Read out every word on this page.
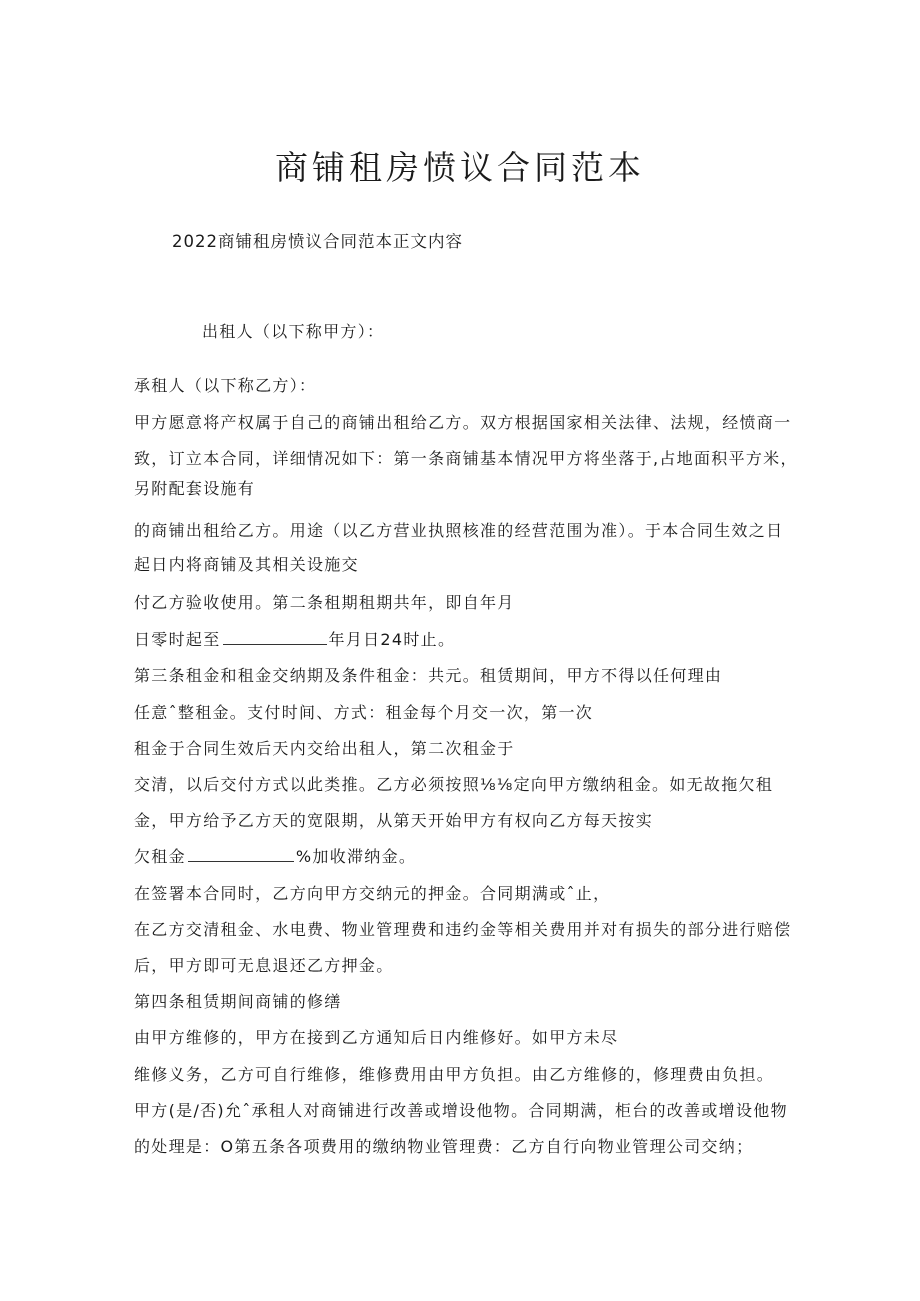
商铺租房愤议合同范本
2022商铺租房愤议合同范本正文内容
出租人（以下称甲方）：
承租人（以下称乙方）：
甲方愿意将产权属于自己的商铺出租给乙方。双方根据国家相关法律、法规，经愤商一
致，订立本合同，详细情况如下：第一条商铺基本情况甲方将坐落于,占地面积平方米，
另附配套设施有
的商铺出租给乙方。用途（以乙方营业执照核准的经营范围为准）。于本合同生效之日
起日内将商铺及其相关设施交
付乙方验收使用。第二条租期租期共年，即自年月
日零时起至	年月日24时止。
第三条租金和租金交纳期及条件租金：共元。租赁期间，甲方不得以任何理由
任意ˆ整租金。支付时间、方式：租金每个月交一次，第一次
租金于合同生效后天内交给出租人，第二次租金于
交清，以后交付方式以此类推。乙方必须按照⅛⅛定向甲方缴纳租金。如无故拖欠租
金，甲方给予乙方天的宽限期，从第天开始甲方有权向乙方每天按实
欠租金	%加收滞纳金。
在签署本合同时，乙方向甲方交纳元的押金。合同期满或ˆ止，
在乙方交清租金、水电费、物业管理费和违约金等相关费用并对有损失的部分进行赔偿
后，甲方即可无息退还乙方押金。
第四条租赁期间商铺的修缮
由甲方维修的，甲方在接到乙方通知后日内维修好。如甲方未尽
维修义务，乙方可自行维修，维修费用由甲方负担。由乙方维修的，修理费由负担。
甲方(是/否)允ˆ承租人对商铺进行改善或增设他物。合同期满，柜台的改善或增设他物
的处理是：O第五条各项费用的缴纳物业管理费：乙方自行向物业管理公司交纳；
